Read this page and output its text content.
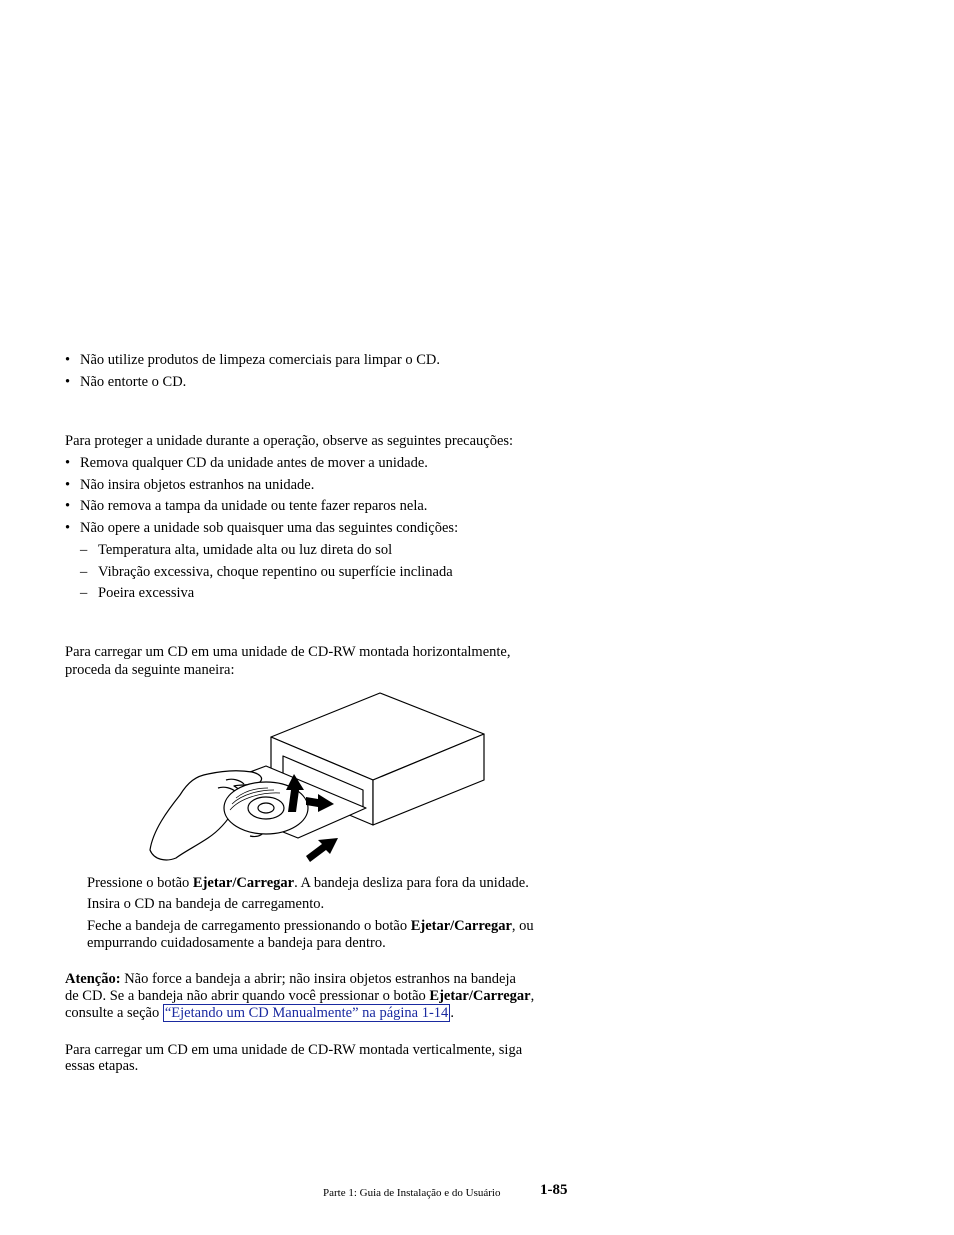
• Não utilize produtos de limpeza comerciais para limpar o CD.
• Não entorte o CD.
Para proteger a unidade durante a operação, observe as seguintes precauções:
• Remova qualquer CD da unidade antes de mover a unidade.
• Não insira objetos estranhos na unidade.
• Não remova a tampa da unidade ou tente fazer reparos nela.
• Não opere a unidade sob quaisquer uma das seguintes condições:
– Temperatura alta, umidade alta ou luz direta do sol
– Vibração excessiva, choque repentino ou superfície inclinada
– Poeira excessiva
Para carregar um CD em uma unidade de CD-RW montada horizontalmente,
proceda da seguinte maneira:
Pressione o botão Ejetar/Carregar. A bandeja desliza para fora da unidade.
Insira o CD na bandeja de carregamento.
Feche a bandeja de carregamento pressionando o botão Ejetar/Carregar, ou
empurrando cuidadosamente a bandeja para dentro.
Atenção: Não force a bandeja a abrir; não insira objetos estranhos na bandeja
de CD. Se a bandeja não abrir quando você pressionar o botão Ejetar/Carregar,
consulte a seção “Ejetando um CD Manualmente” na página 1-14 .
Para carregar um CD em uma unidade de CD-RW montada verticalmente, siga
essas etapas.
Parte 1: Guia de Instalação e do Usuário	1-85
